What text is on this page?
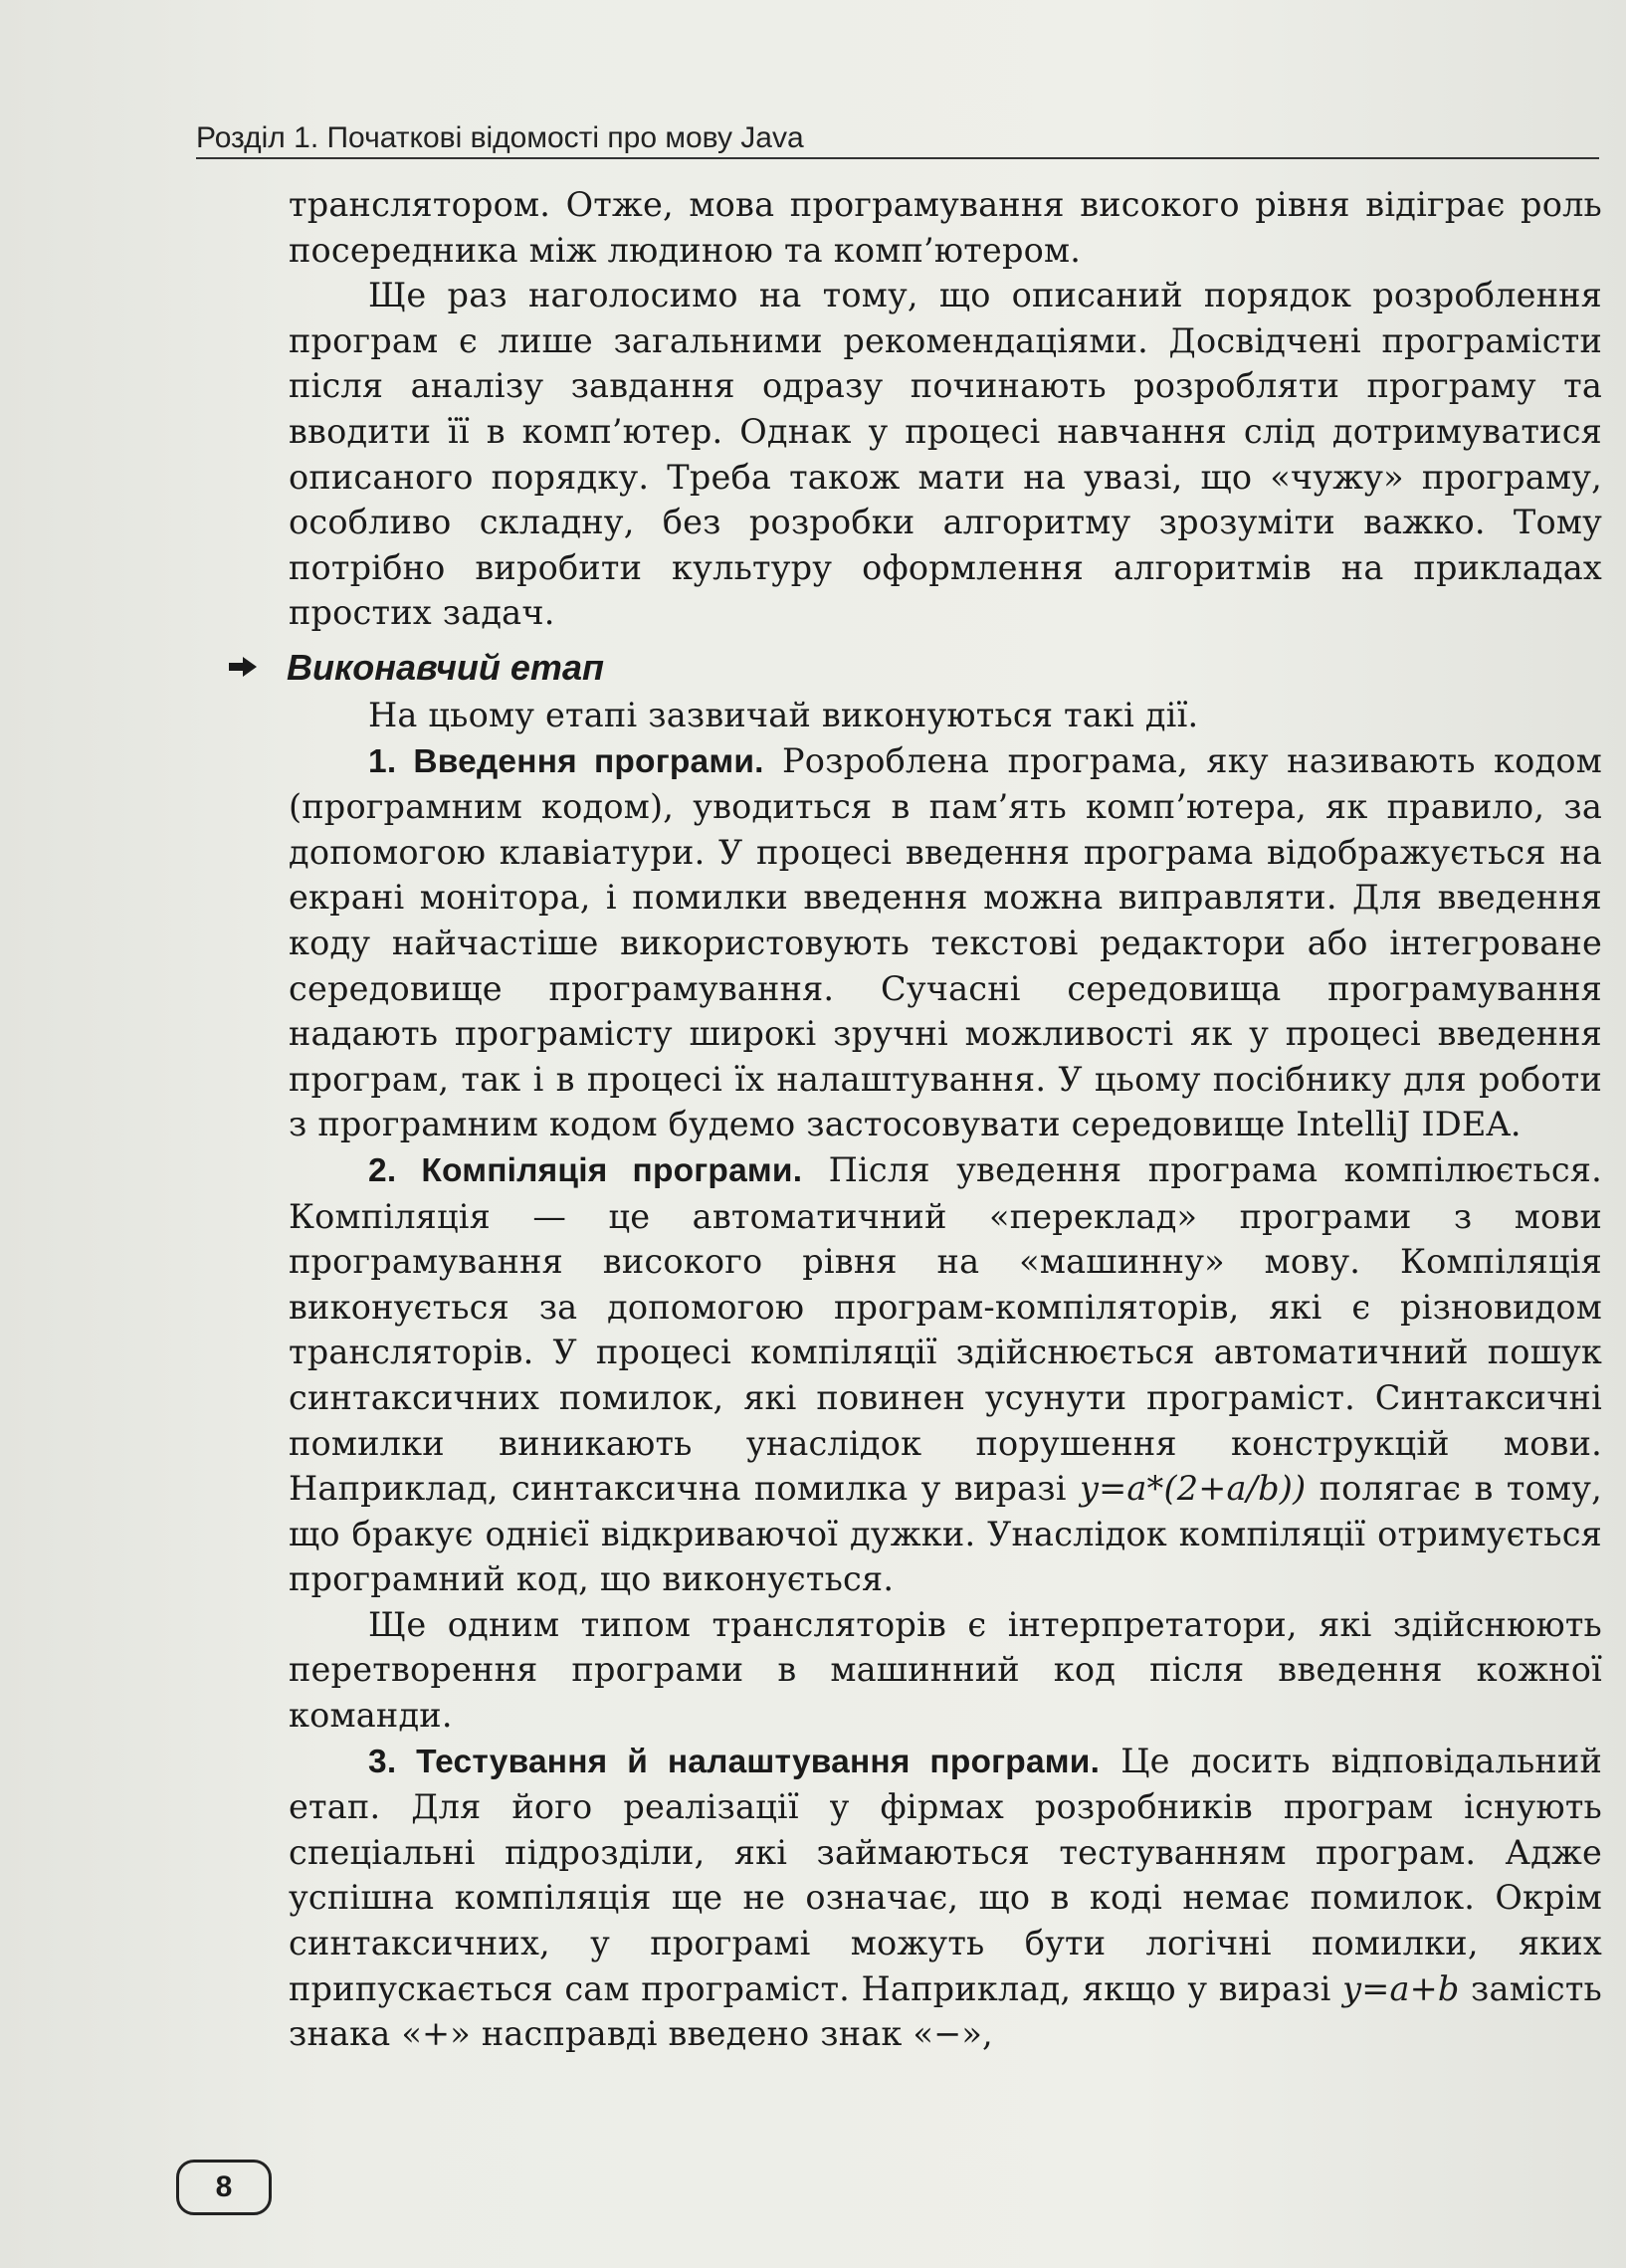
Розділ 1. Початкові відомості про мову Java

транслятором. Отже, мова програмування високого рівня відіграє роль посередника між людиною та комп’ютером.

Ще раз наголосимо на тому, що описаний порядок розроблення програм є лише загальними рекомендаціями. Досвідчені програмісти після аналізу завдання одразу починають розробляти програму та вводити її в комп’ютер. Однак у процесі навчання слід дотримуватися описаного порядку. Треба також мати на увазі, що «чужу» програму, особливо складну, без розробки алгоритму зрозуміти важко. Тому потрібно виробити культуру оформлення алгоритмів на прикладах простих задач.

Виконавчий етап

На цьому етапі зазвичай виконуються такі дії.

1. Введення програми. Розроблена програма, яку називають кодом (програмним кодом), уводиться в пам’ять комп’ютера, як правило, за допомогою клавіатури. У процесі введення програма відображується на екрані монітора, і помилки введення можна виправляти. Для введення коду найчастіше використовують текстові редактори або інтегроване середовище програмування. Сучасні середовища програмування надають програмісту широкі зручні можливості як у процесі введення програм, так і в процесі їх налаштування. У цьому посібнику для роботи з програмним кодом будемо застосовувати середовище IntelliJ IDEA.

2. Компіляція програми. Після уведення програма компілюється. Компіляція — це автоматичний «переклад» програми з мови програмування високого рівня на «машинну» мову. Компіляція виконується за допомогою програм-компіляторів, які є різновидом трансляторів. У процесі компіляції здійснюється автоматичний пошук синтаксичних помилок, які повинен усунути програміст. Синтаксичні помилки виникають унаслідок порушення конструкцій мови. Наприклад, синтаксична помилка у виразі y=a*(2+a/b)) полягає в тому, що бракує однієї відкриваючої дужки. Унаслідок компіляції отримується програмний код, що виконується.

Ще одним типом трансляторів є інтерпретатори, які здійснюють перетворення програми в машинний код після введення кожної команди.

3. Тестування й налаштування програми. Це досить відповідальний етап. Для його реалізації у фірмах розробників програм існують спеціальні підрозділи, які займаються тестуванням програм. Адже успішна компіляція ще не означає, що в коді немає помилок. Окрім синтаксичних, у програмі можуть бути логічні помилки, яких припускається сам програміст. Наприклад, якщо у виразі y=a+b замість знака «+» насправді введено знак «−»,

8
